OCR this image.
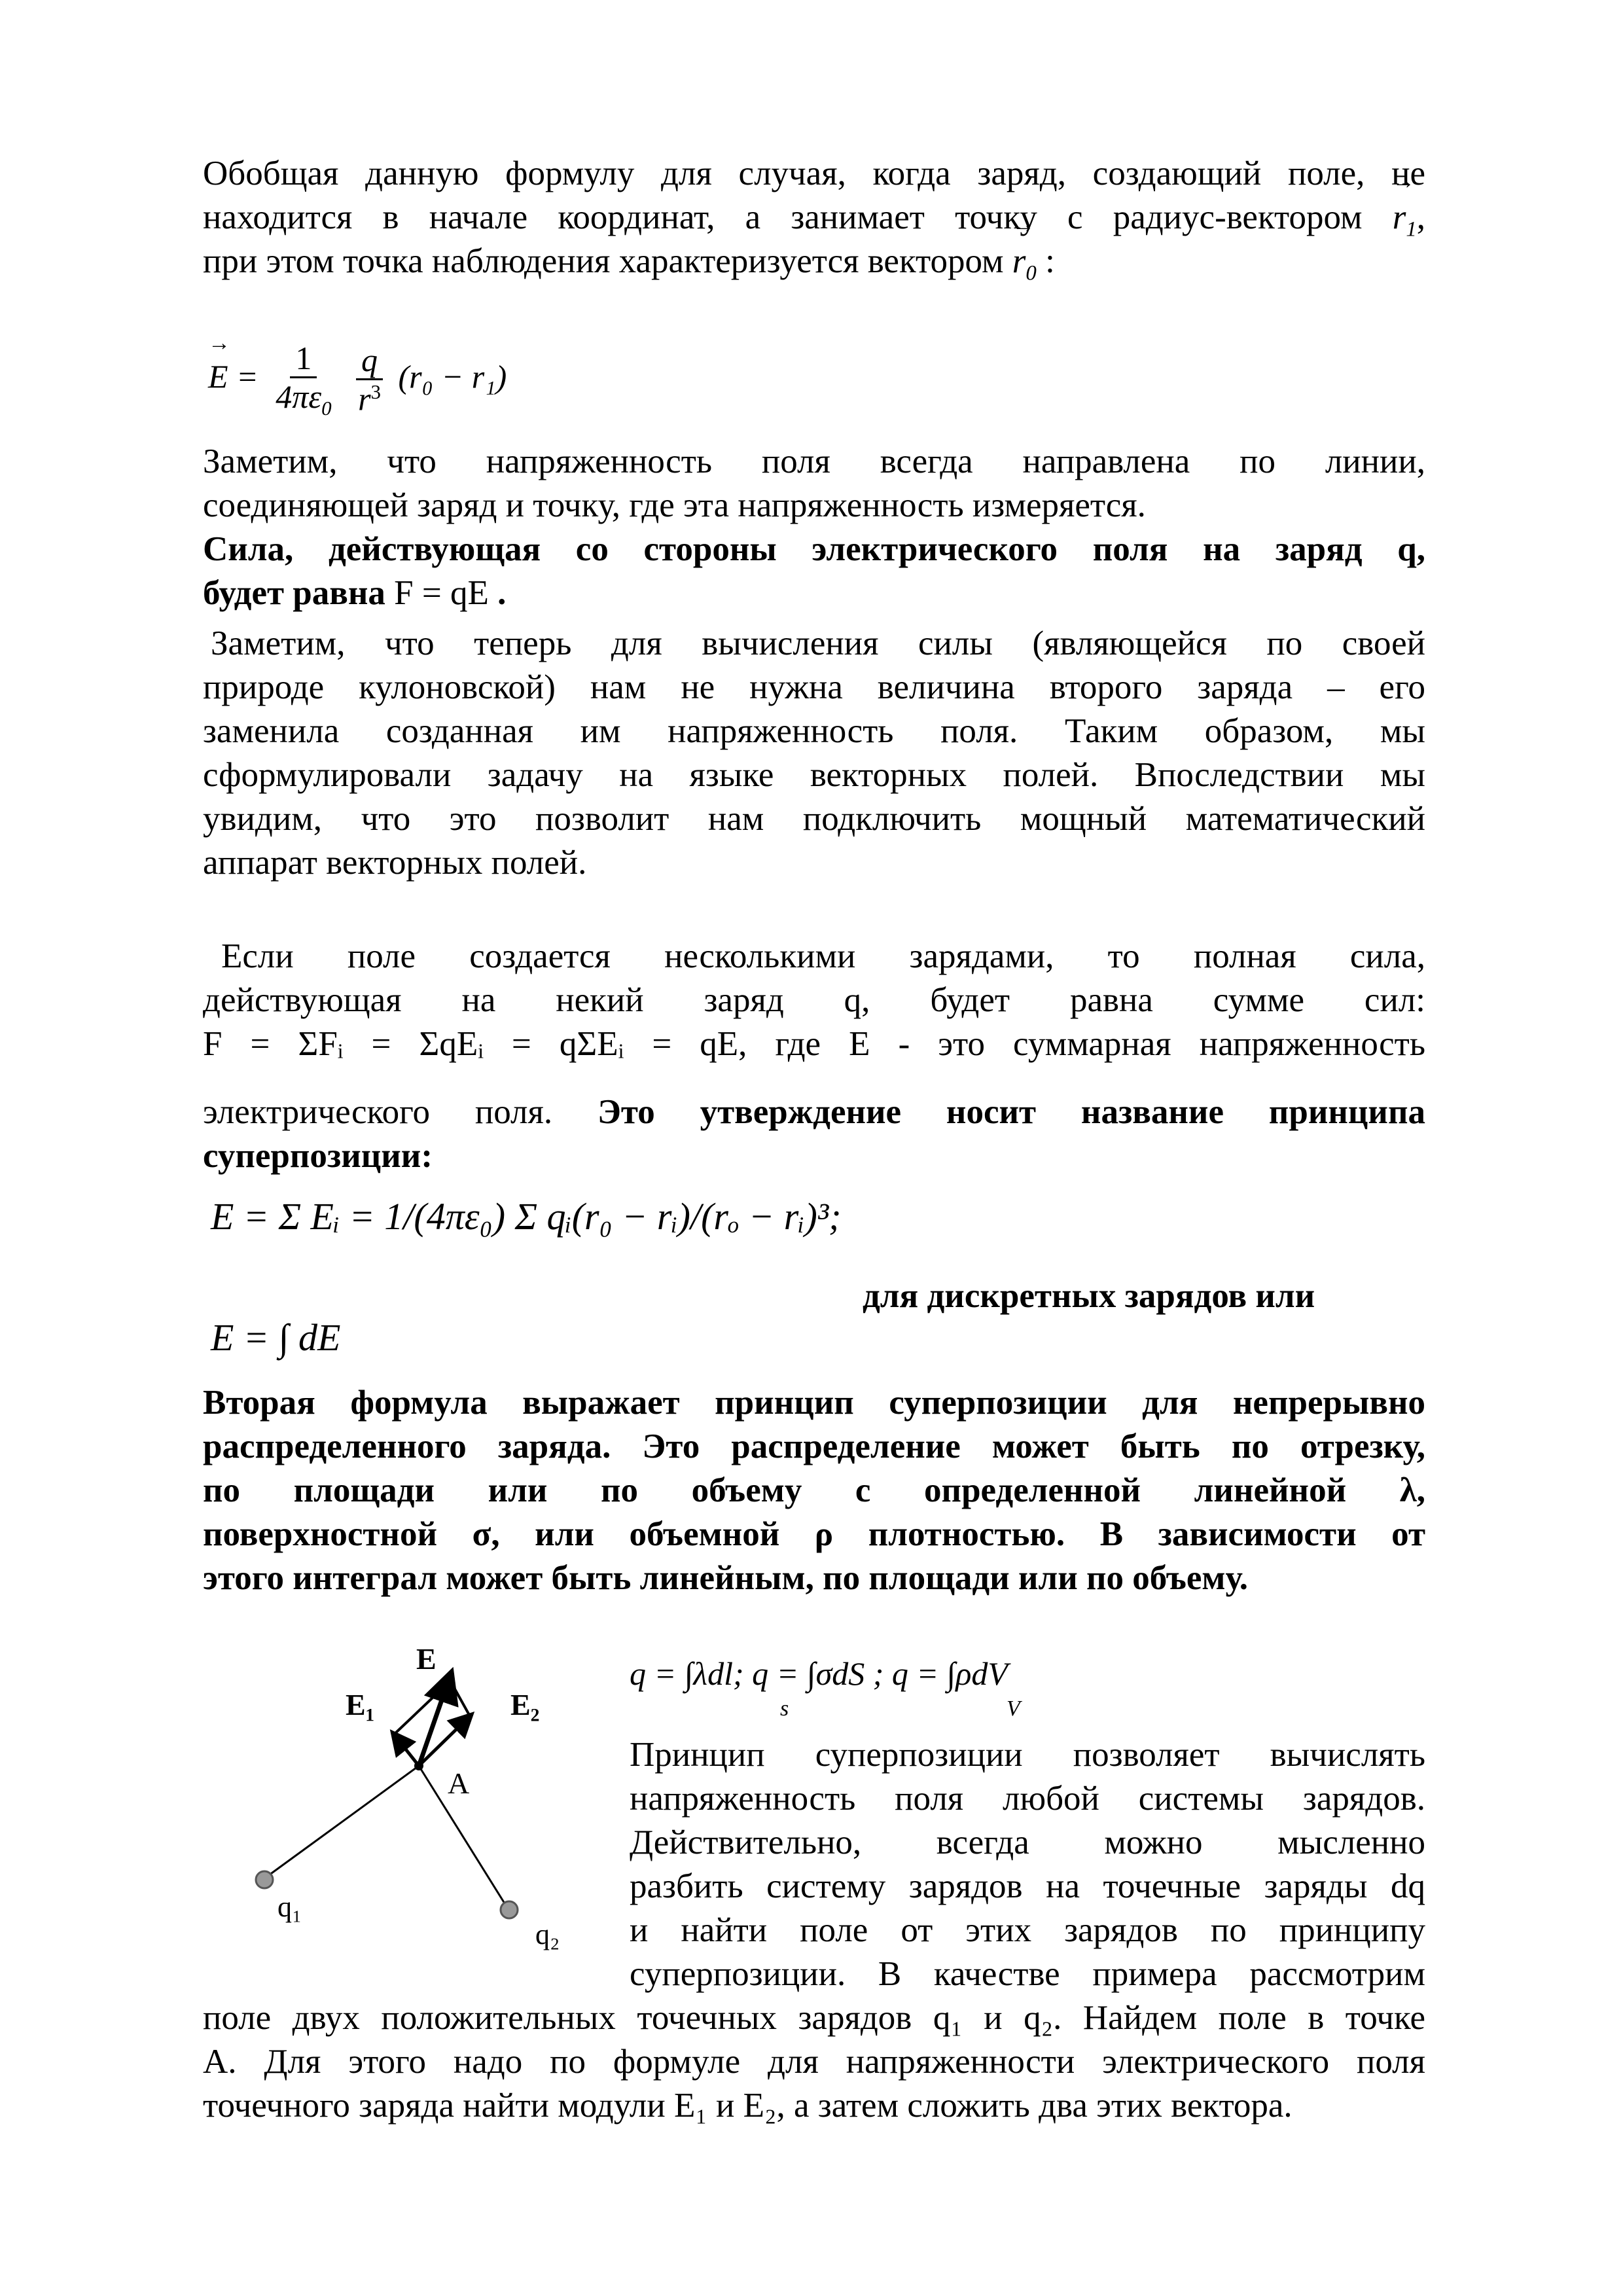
Обобщая данную формулу для случая, когда заряд, создающий поле, не
находится в начале координат, а занимает точку с радиус-вектором → $r_1$,
при этом точка наблюдения характеризуется вектором → $r_0$ :
→ $E = \frac{1}{4\pi\varepsilon_0}$
$\frac{q}{r^3} (r_0 - r_1)$
Заметим, что напряженность поля всегда направлена по линии,
соединяющей заряд и точку, где эта напряженность измеряется.
Сила, действующая со стороны электрического поля на заряд q,
будет равна F = qE .
Заметим, что теперь для вычисления силы (являющейся по своей
природе кулоновской) нам не нужна величина второго заряда – его
заменила созданная им напряженность поля. Таким образом, мы
сформулировали задачу на языке векторных полей. Впоследствии мы
увидим, что это позволит нам подключить мощный математический
аппарат векторных полей.
Если поле создается несколькими зарядами, то полная сила,
действующая на некий заряд q, будет равна сумме сил:
F = ΣFᵢ = ΣqEᵢ = qΣEᵢ = qE, где E - это суммарная напряженность
электрического поля. Это утверждение носит название принципа
суперпозиции:
E = Σ Eᵢ = 1/(4πε₀) Σ qᵢ(r₀ − rᵢ)/(rₒ − rᵢ)³;
для дискретных зарядов или
E = ∫ dE
Вторая формула выражает принцип суперпозиции для непрерывно
распределенного заряда. Это распределение может быть по отрезку,
по площади или по объему с определенной линейной λ,
поверхностной σ, или объемной ρ плотностью. В зависимости от
этого интеграл может быть линейным, по площади или по объему.
E
E₁	E₂
A
q₁
q₂
q = ∫λdl; q = ∫σdS ; q = ∫ρdV
s	V
Принцип суперпозиции позволяет вычислять
напряженность поля любой системы зарядов.
Действительно, всегда можно мысленно
разбить систему зарядов на точечные заряды dq
и найти поле от этих зарядов по принципу
суперпозиции. В качестве примера рассмотрим
поле двух положительных точечных зарядов q₁ и q₂. Найдем поле в точке
A. Для этого надо по формуле для напряженности электрического поля
точечного заряда найти модули E₁ и E₂, а затем сложить два этих вектора.
